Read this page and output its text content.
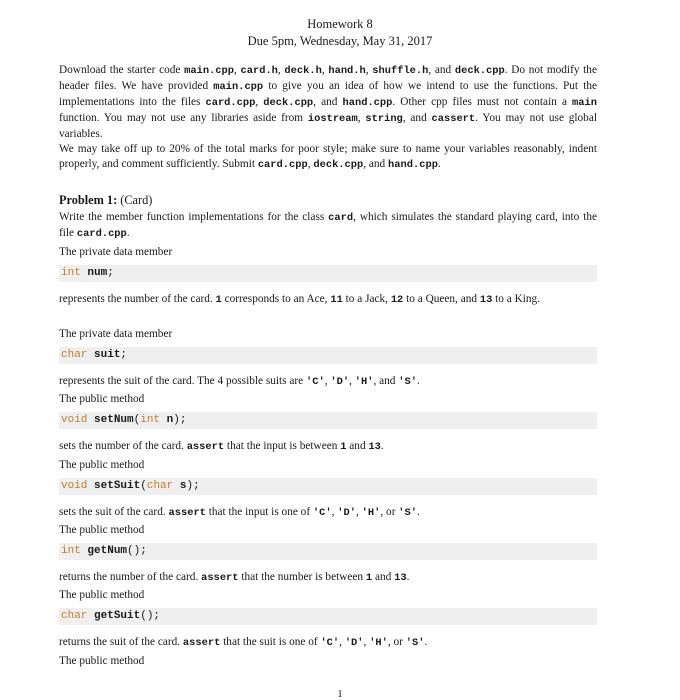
Homework 8
Due 5pm, Wednesday, May 31, 2017

Download the starter code main.cpp, card.h, deck.h, hand.h, shuffle.h, and deck.cpp. Do not modify the header files. We have provided main.cpp to give you an idea of how we intend to use the functions. Put the implementations into the files card.cpp, deck.cpp, and hand.cpp. Other cpp files must not contain a main function. You may not use any libraries aside from iostream, string, and cassert. You may not use global variables.

We may take off up to 20% of the total marks for poor style; make sure to name your variables reasonably, indent properly, and comment sufficiently. Submit card.cpp, deck.cpp, and hand.cpp.

Problem 1: (Card)
Write the member function implementations for the class card, which simulates the standard playing card, into the file card.cpp.
The private data member
int num;
represents the number of the card. 1 corresponds to an Ace, 11 to a Jack, 12 to a Queen, and 13 to a King.
The private data member
char suit;
represents the suit of the card. The 4 possible suits are 'C', 'D', 'H', and 'S'.
The public method
void setNum(int n);
sets the number of the card. assert that the input is between 1 and 13.
The public method
void setSuit(char s);
sets the suit of the card. assert that the input is one of 'C', 'D', 'H', or 'S'.
The public method
int getNum();
returns the number of the card. assert that the number is between 1 and 13.
The public method
char getSuit();
returns the suit of the card. assert that the suit is one of 'C', 'D', 'H', or 'S'.
The public method
1
